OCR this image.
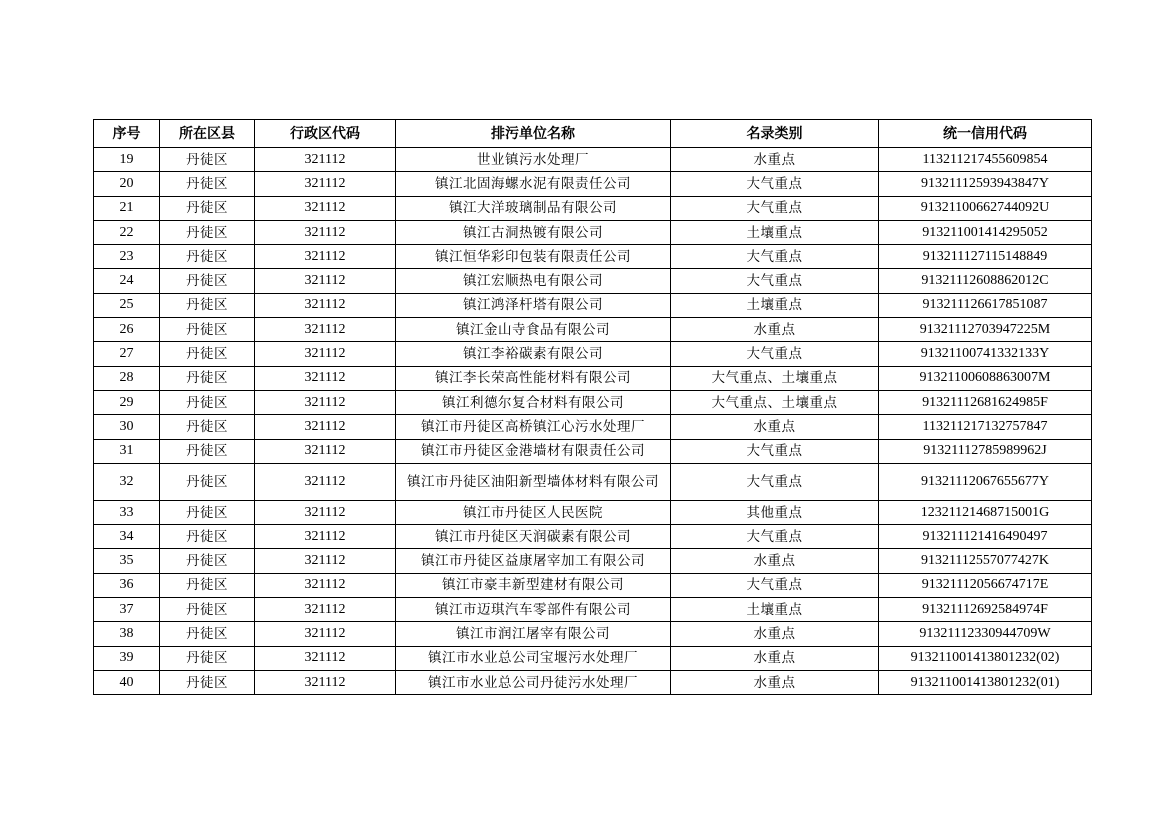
序号	所在区县	行政区代码	排污单位名称	名录类别	统一信用代码
19	丹徒区	321112	世业镇污水处理厂	水重点	113211217455609854
20	丹徒区	321112	镇江北固海螺水泥有限责任公司	大气重点	91321112593943847Y
21	丹徒区	321112	镇江大洋玻璃制品有限公司	大气重点	91321100662744092U
22	丹徒区	321112	镇江古洞热镀有限公司	土壤重点	913211001414295052
23	丹徒区	321112	镇江恒华彩印包装有限责任公司	大气重点	913211127115148849
24	丹徒区	321112	镇江宏顺热电有限公司	大气重点	91321112608862012C
25	丹徒区	321112	镇江鸿泽杆塔有限公司	土壤重点	913211126617851087
26	丹徒区	321112	镇江金山寺食品有限公司	水重点	91321112703947225M
27	丹徒区	321112	镇江李裕碳素有限公司	大气重点	91321100741332133Y
28	丹徒区	321112	镇江李长荣高性能材料有限公司	大气重点、土壤重点	91321100608863007M
29	丹徒区	321112	镇江利德尔复合材料有限公司	大气重点、土壤重点	91321112681624985F
30	丹徒区	321112	镇江市丹徒区高桥镇江心污水处理厂	水重点	113211217132757847
31	丹徒区	321112	镇江市丹徒区金港墙材有限责任公司	大气重点	91321112785989962J
32	丹徒区	321112	镇江市丹徒区油阳新型墙体材料有限公司	大气重点	91321112067655677Y
33	丹徒区	321112	镇江市丹徒区人民医院	其他重点	12321121468715001G
34	丹徒区	321112	镇江市丹徒区天润碳素有限公司	大气重点	913211121416490497
35	丹徒区	321112	镇江市丹徒区益康屠宰加工有限公司	水重点	91321112557077427K
36	丹徒区	321112	镇江市豪丰新型建材有限公司	大气重点	91321112056674717E
37	丹徒区	321112	镇江市迈琪汽车零部件有限公司	土壤重点	91321112692584974F
38	丹徒区	321112	镇江市润江屠宰有限公司	水重点	91321112330944709W
39	丹徒区	321112	镇江市水业总公司宝堰污水处理厂	水重点	913211001413801232(02)
40	丹徒区	321112	镇江市水业总公司丹徒污水处理厂	水重点	913211001413801232(01)
